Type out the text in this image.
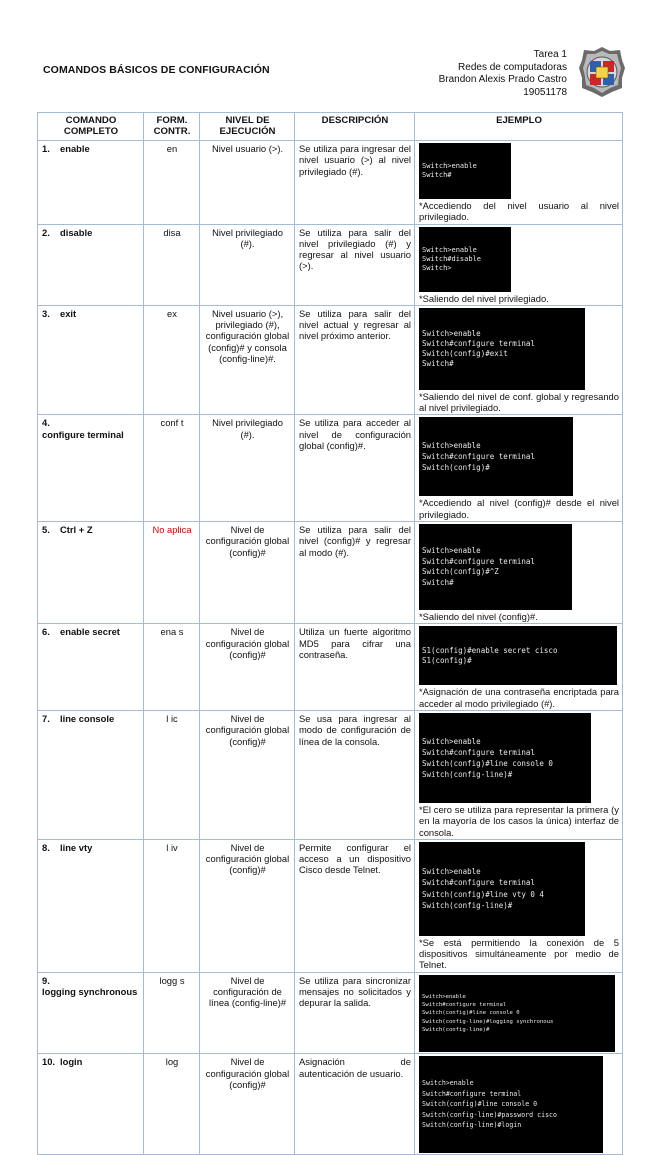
COMANDOS BÁSICOS DE CONFIGURACIÓN
Tarea 1
Redes de computadoras
Brandon Alexis Prado Castro
19051178
COMANDO COMPLETO	FORM. CONTR.	NIVEL DE EJECUCIÓN	DESCRIPCIÓN	EJEMPLO
1. enable	en	Nivel usuario (>).	Se utiliza para ingresar del nivel usuario (>) al nivel privilegiado (#).	Switch>enable
Switch#

*Accediendo del nivel usuario al nivel privilegiado.

2. disable	disa	Nivel privilegiado (#).	Se utiliza para salir del nivel privilegiado (#) y regresar al nivel usuario (>).	Switch>enable
Switch#disable
Switch>

*Saliendo del nivel privilegiado.

3. exit	ex	Nivel usuario (>), privilegiado (#), configuración global (config)# y consola (config-line)#.	Se utiliza para salir del nivel actual y regresar al nivel próximo anterior.	Switch>enable
Switch#configure terminal
Switch(config)#exit
Switch#

*Saliendo del nivel de conf. global y regresando al nivel privilegiado.

4.configure terminal	conf t	Nivel privilegiado (#).	Se utiliza para acceder al nivel de configuración global (config)#.	Switch>enable
Switch#configure terminal
Switch(config)#

*Accediendo al nivel (config)# desde el nivel privilegiado.

5. Ctrl + Z	No aplica	Nivel de configuración global (config)#	Se utiliza para salir del nivel (config)# y regresar al modo (#).	Switch>enable
Switch#configure terminal
Switch(config)#^Z
Switch#

*Saliendo del nivel (config)#.

6. enable secret	ena s	Nivel de configuración global (config)#	Utiliza un fuerte algoritmo MD5 para cifrar una contraseña.	S1(config)#enable secret cisco
S1(config)#

*Asignación de una contraseña encriptada para acceder al modo privilegiado (#).

7. line console	l ic	Nivel de configuración global (config)#	Se usa para ingresar al modo de configuración de línea de la consola.	Switch>enable
Switch#configure terminal
Switch(config)#line console 0
Switch(config-line)#

*El cero se utiliza para representar la primera (y en la mayoría de los casos la única) interfaz de consola.

8. line vty	l iv	Nivel de configuración global (config)#	Permite configurar el acceso a un dispositivo Cisco desde Telnet.	Switch>enable
Switch#configure terminal
Switch(config)#line vty 0 4
Switch(config-line)#

*Se está permitiendo la conexión de 5 dispositivos simultáneamente por medio de Telnet.

9.logging synchronous	logg s	Nivel de configuración de línea (config-line)#	Se utiliza para sincronizar mensajes no solicitados y depurar la salida.	Switch>enable
Switch#configure terminal
Switch(config)#line console 0
Switch(config-line)#logging synchronous
Switch(config-line)#

10. login	log	Nivel de configuración global (config)#	Asignación de autenticación de usuario.	Switch>enable
Switch#configure terminal
Switch(config)#line console 0
Switch(config-line)#password cisco
Switch(config-line)#login
